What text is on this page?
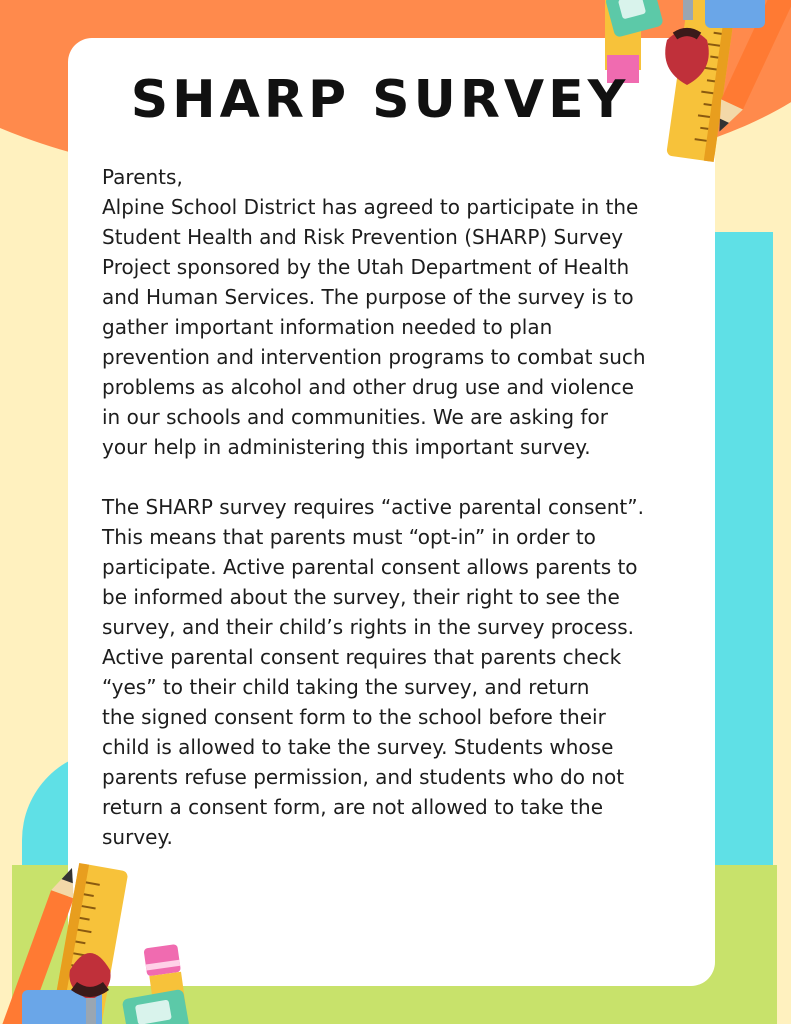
SHARP SURVEY
Parents,
Alpine School District has agreed to participate in the
Student Health and Risk Prevention (SHARP) Survey
Project sponsored by the Utah Department of Health
and Human Services. The purpose of the survey is to
gather important information needed to plan
prevention and intervention programs to combat such
problems as alcohol and other drug use and violence
in our schools and communities. We are asking for
your help in administering this important survey.
The SHARP survey requires “active parental consent”.
This means that parents must “opt-in” in order to
participate. Active parental consent allows parents to
be informed about the survey, their right to see the
survey, and their child’s rights in the survey process.
Active parental consent requires that parents check
“yes” to their child taking the survey, and return
the signed consent form to the school before their
child is allowed to take the survey. Students whose
parents refuse permission, and students who do not
return a consent form, are not allowed to take the
survey.
